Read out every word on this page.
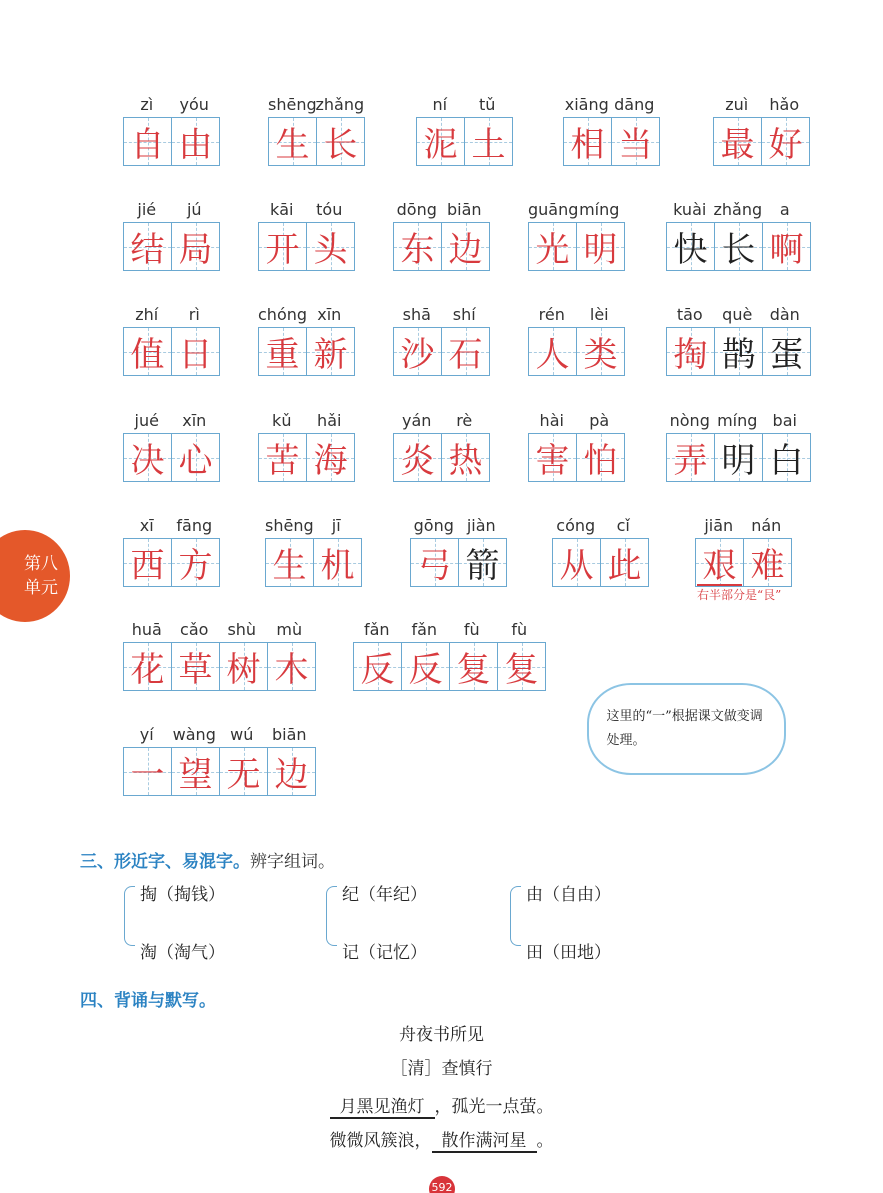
zì	yóu
自 由
shēng
zhǎng
生 长
ní	tǔ
泥 土
xiāng dāng
相 当
zuì	hǎo
最 好
jié	jú
结 局
kāi	tóu
开 头
dōng biān
东 边
guāng míng
光 明
kuài zhǎng	a
快 长 啊
zhí	rì
值 日
chóng xīn
重 新
shā	shí
沙 石
rén	lèi
人 类
tāo	què	dàn
掏 鹊 蛋
jué	xīn
决 心
kǔ	hǎi
苦 海
yán	rè
炎 热
hài	pà
害 怕
nòng míng bai
弄 明 白
xī	fāng
西 方
shēng	jī
生 机
gōng jiàn
弓 箭
cóng	cǐ
从 此
jiān	nán
艰 难
huā	cǎo	shù	mù
花 草 树 木
fǎn	fǎn	fù	fù
反 反 复 复
yí	wàng wú	biān
一 望 无 边
右半部分是“艮”
第八
单元
这里的“一”根据课文做变调处理。
三、形近字、易混字。辨字组词。
掏（掏钱）
淘（淘气）
纪（年纪）
记（记忆）
由（自由）
田（田地）
四、背诵与默写。
舟夜书所见
［清］查慎行
月黑见渔灯 ，孤光一点萤。
微微风簇浪， 散作满河星 。
592
